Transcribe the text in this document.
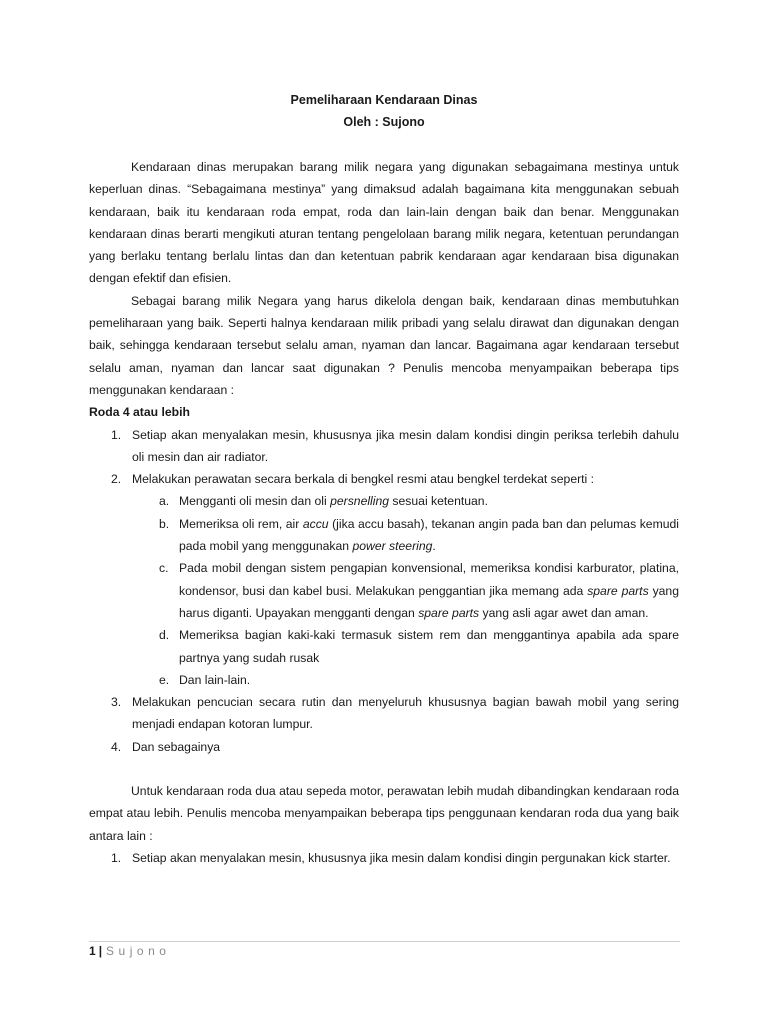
Pemeliharaan Kendaraan Dinas
Oleh : Sujono

Kendaraan dinas merupakan barang milik negara yang digunakan sebagaimana mestinya untuk keperluan dinas. “Sebagaimana mestinya” yang dimaksud adalah bagaimana kita menggunakan sebuah kendaraan, baik itu kendaraan roda empat, roda dan lain-lain dengan baik dan benar. Menggunakan kendaraan dinas berarti mengikuti aturan tentang pengelolaan barang milik negara, ketentuan perundangan yang berlaku tentang berlalu lintas dan dan ketentuan pabrik kendaraan agar kendaraan bisa digunakan dengan efektif dan efisien.

Sebagai barang milik Negara yang harus dikelola dengan baik, kendaraan dinas membutuhkan pemeliharaan yang baik. Seperti halnya kendaraan milik pribadi yang selalu dirawat dan digunakan dengan baik, sehingga kendaraan tersebut selalu aman, nyaman dan lancar. Bagaimana agar kendaraan tersebut selalu aman, nyaman dan lancar saat digunakan ? Penulis mencoba menyampaikan beberapa tips menggunakan kendaraan :

Roda 4 atau lebih

1. Setiap akan menyalakan mesin, khususnya jika mesin dalam kondisi dingin periksa terlebih dahulu oli mesin dan air radiator.
2. Melakukan perawatan secara berkala di bengkel resmi atau bengkel terdekat seperti :
a. Mengganti oli mesin dan oli persnelling sesuai ketentuan.
b. Memeriksa oli rem, air accu (jika accu basah), tekanan angin pada ban dan pelumas kemudi pada mobil yang menggunakan power steering.
c. Pada mobil dengan sistem pengapian konvensional, memeriksa kondisi karburator, platina, kondensor, busi dan kabel busi. Melakukan penggantian jika memang ada spare parts yang harus diganti. Upayakan mengganti dengan spare parts yang asli agar awet dan aman.
d. Memeriksa bagian kaki-kaki termasuk sistem rem dan menggantinya apabila ada spare partnya yang sudah rusak
e. Dan lain-lain.
3. Melakukan pencucian secara rutin dan menyeluruh khususnya bagian bawah mobil yang sering menjadi endapan kotoran lumpur.
4. Dan sebagainya

Untuk kendaraan roda dua atau sepeda motor, perawatan lebih mudah dibandingkan kendaraan roda empat atau lebih. Penulis mencoba menyampaikan beberapa tips penggunaan kendaran roda dua yang baik antara lain :

1. Setiap akan menyalakan mesin, khususnya jika mesin dalam kondisi dingin pergunakan kick starter.
1 | Sujono
